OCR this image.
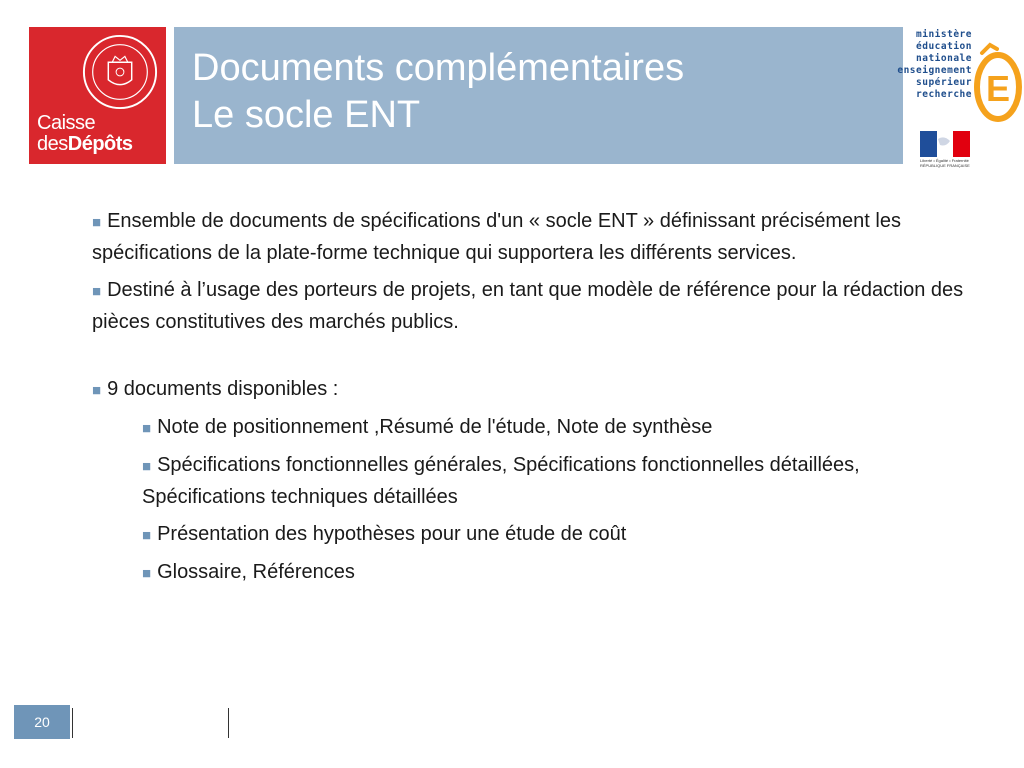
Caisse
desDépôts
Documents complémentaires
Le socle ENT
ministère
éducation
nationale
enseignement
supérieur
recherche E
Liberté • Égalité • Fraternité
RÉPUBLIQUE FRANÇAISE

■ Ensemble de documents de spécifications d'un « socle ENT » définissant précisément les spécifications de la plate-forme technique qui supportera les différents services.

■ Destiné à l’usage des porteurs de projets, en tant que modèle de référence pour la rédaction des pièces constitutives des marchés publics.

■ 9 documents disponibles :

■ Note de positionnement ,Résumé de l'étude, Note de synthèse

■ Spécifications fonctionnelles générales, Spécifications fonctionnelles détaillées, Spécifications techniques détaillées

■ Présentation des hypothèses pour une étude de coût

■ Glossaire, Références

20
